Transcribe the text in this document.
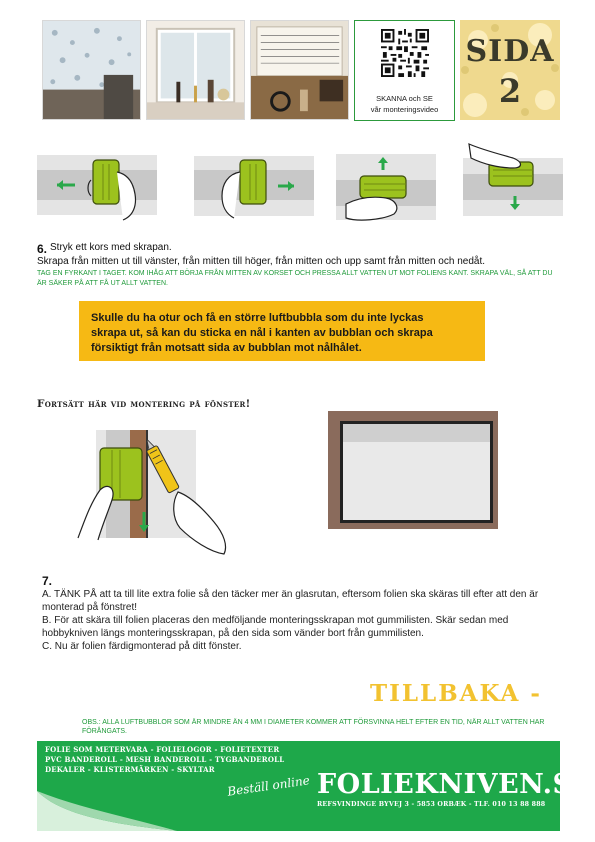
SKANNA och SE
vår monteringsvideo
SIDA
2
6. Stryk ett kors med skrapan.
Skrapa från mitten ut till vänster, från mitten till höger, från mitten och upp samt från mitten och nedåt.
TAG EN FYRKANT I TAGET. KOM IHÅG ATT BÖRJA FRÅN MITTEN AV KORSET OCH PRESSA ALLT VATTEN UT MOT FOLIENS KANT. SKRAPA VÄL, SÅ ATT DU ÄR SÄKER PÅ ATT FÅ UT ALLT VATTEN.
Skulle du ha otur och få en större luftbubbla som du inte lyckas
skrapa ut, så kan du sticka en nål i kanten av bubblan och skrapa
försiktigt från motsatt sida av bubblan mot nålhålet.
Fortsätt här vid montering på fönster!
7.

A. TÄNK PÅ att ta till lite extra folie så den täcker mer än glasrutan, eftersom folien ska skäras till efter att den är monterad på fönstret!

B. För att skära till folien placeras den medföljande monteringsskrapan mot gummilisten. Skär sedan med hobbykniven längs monteringsskrapan, på den sida som vänder bort från gummilisten.

C. Nu är folien färdigmonterad på ditt fönster.

TILLBAKA -
OBS.: ALLA LUFTBUBBLOR SOM ÄR MINDRE ÄN 4 MM I DIAMETER KOMMER ATT FÖRSVINNA HELT EFTER EN TID, NÄR ALLT VATTEN HAR FÖRÅNGATS.
FOLIE SOM METERVARA - FOLIELOGOR - FOLIETEXTER
PVC BANDEROLL - MESH BANDEROLL - TYGBANDEROLL
DEKALER - KLISTERMÄRKEN - SKYLTAR
Beställ online FOLIEKNIVEN.SE
REFSVINDINGE BYVEJ 3 - 5853 ORBÆK - TLF. 010 13 88 888
